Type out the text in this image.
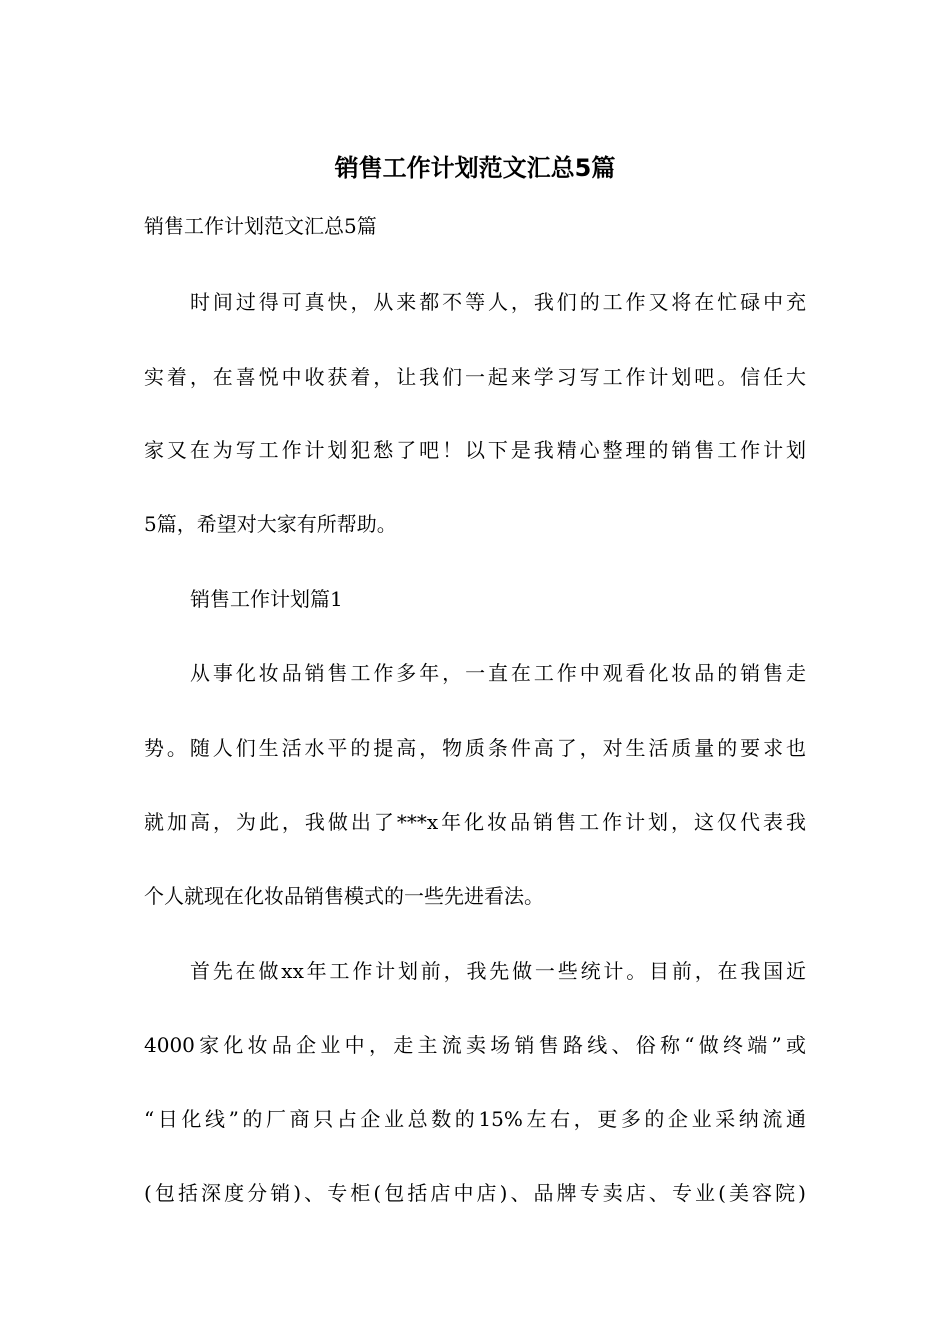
销售工作计划范文汇总5篇
销售工作计划范文汇总5篇
时间过得可真快，从来都不等人，我们的工作又将在忙碌中充
实着，在喜悦中收获着，让我们一起来学习写工作计划吧。信任大
家又在为写工作计划犯愁了吧！以下是我精心整理的销售工作计划
5篇，希望对大家有所帮助。
销售工作计划篇1
从事化妆品销售工作多年，一直在工作中观看化妆品的销售走
势。随人们生活水平的提高，物质条件高了，对生活质量的要求也
就加高，为此，我做出了***x年化妆品销售工作计划，这仅代表我
个人就现在化妆品销售模式的一些先进看法。
首先在做xx年工作计划前，我先做一些统计。目前，在我国近
4000家化妆品企业中，走主流卖场销售路线、俗称“做终端”或
“日化线”的厂商只占企业总数的15%左右，更多的企业采纳流通
(包括深度分销)、专柜(包括店中店)、品牌专卖店、专业(美容院)
